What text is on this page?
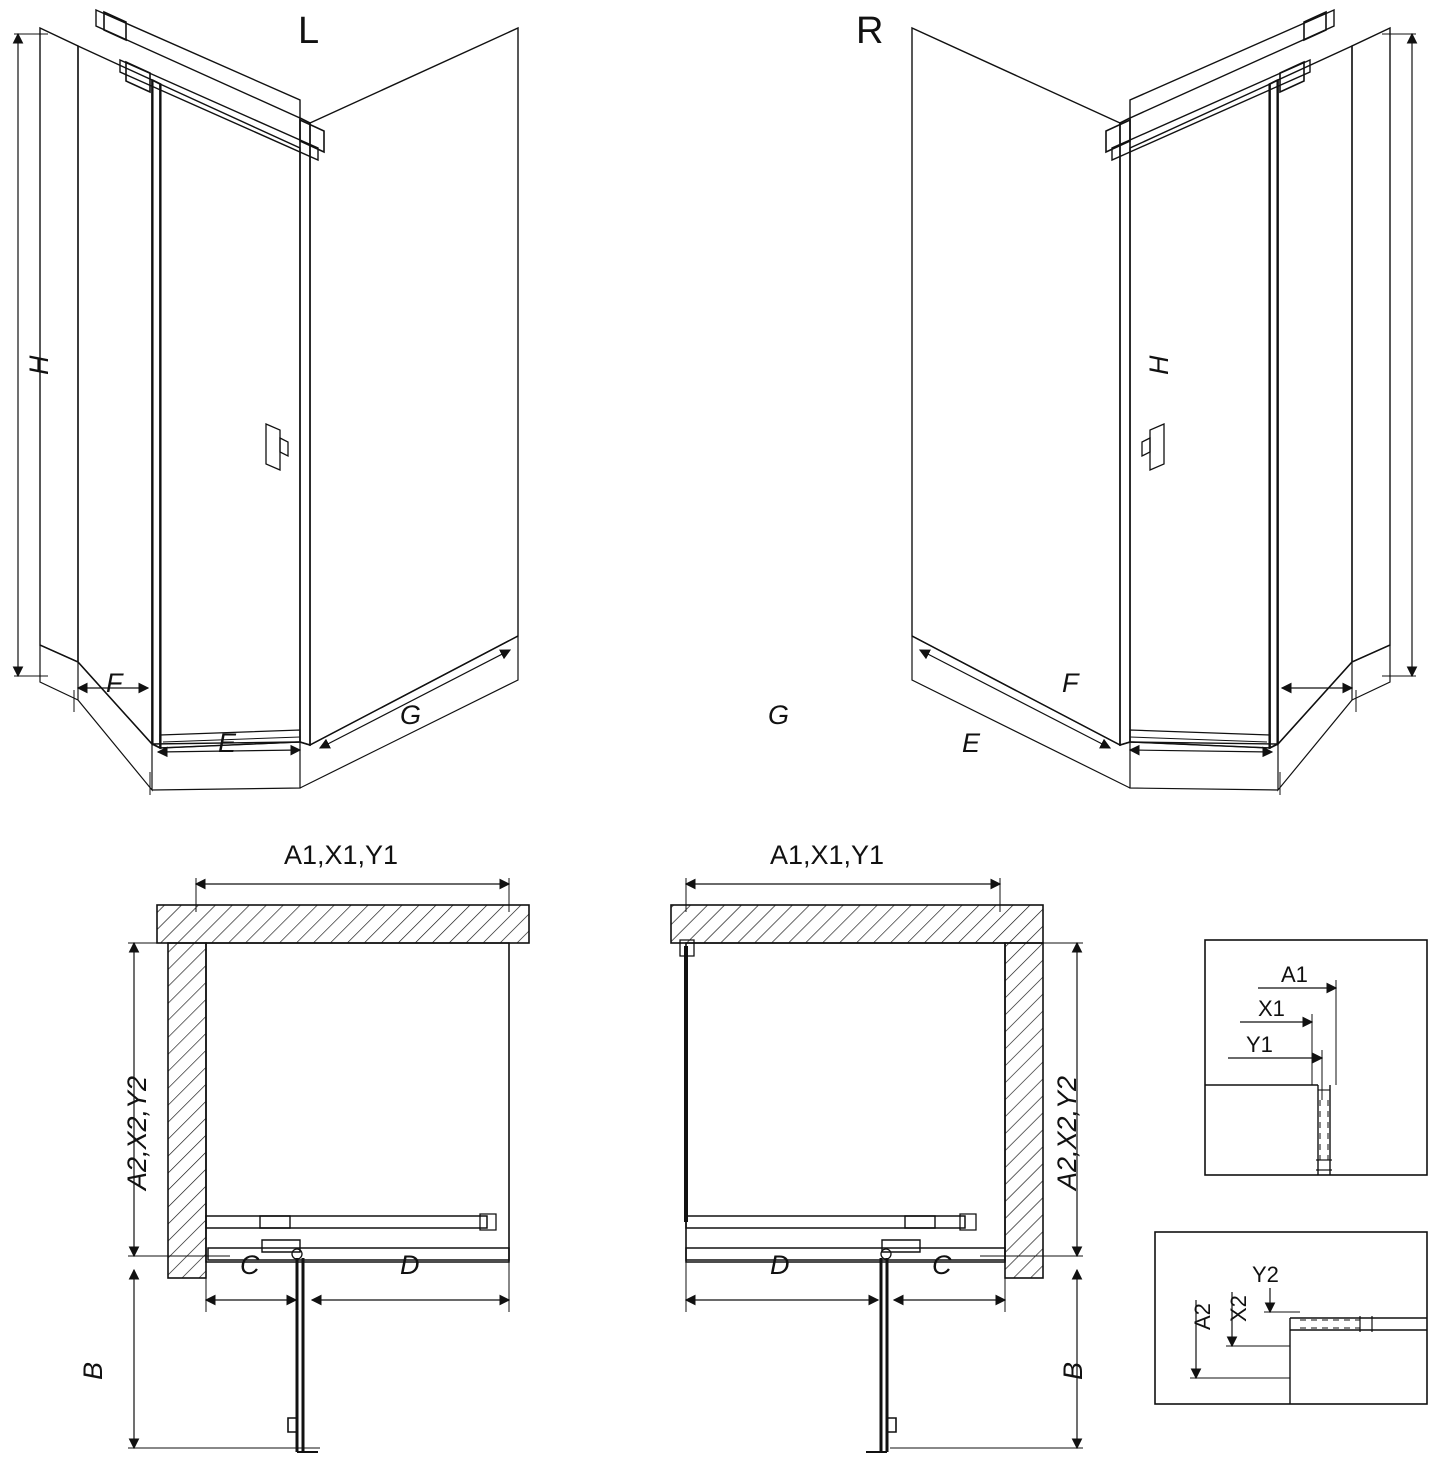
L	R
H
F
E
G
H
G
E
F
A1,X1,Y1
A2,X2,Y2
C	D
B
A1,X1,Y1
A2,X2,Y2
D	C
B
A1
X1
Y1
A2 X2
Y2
